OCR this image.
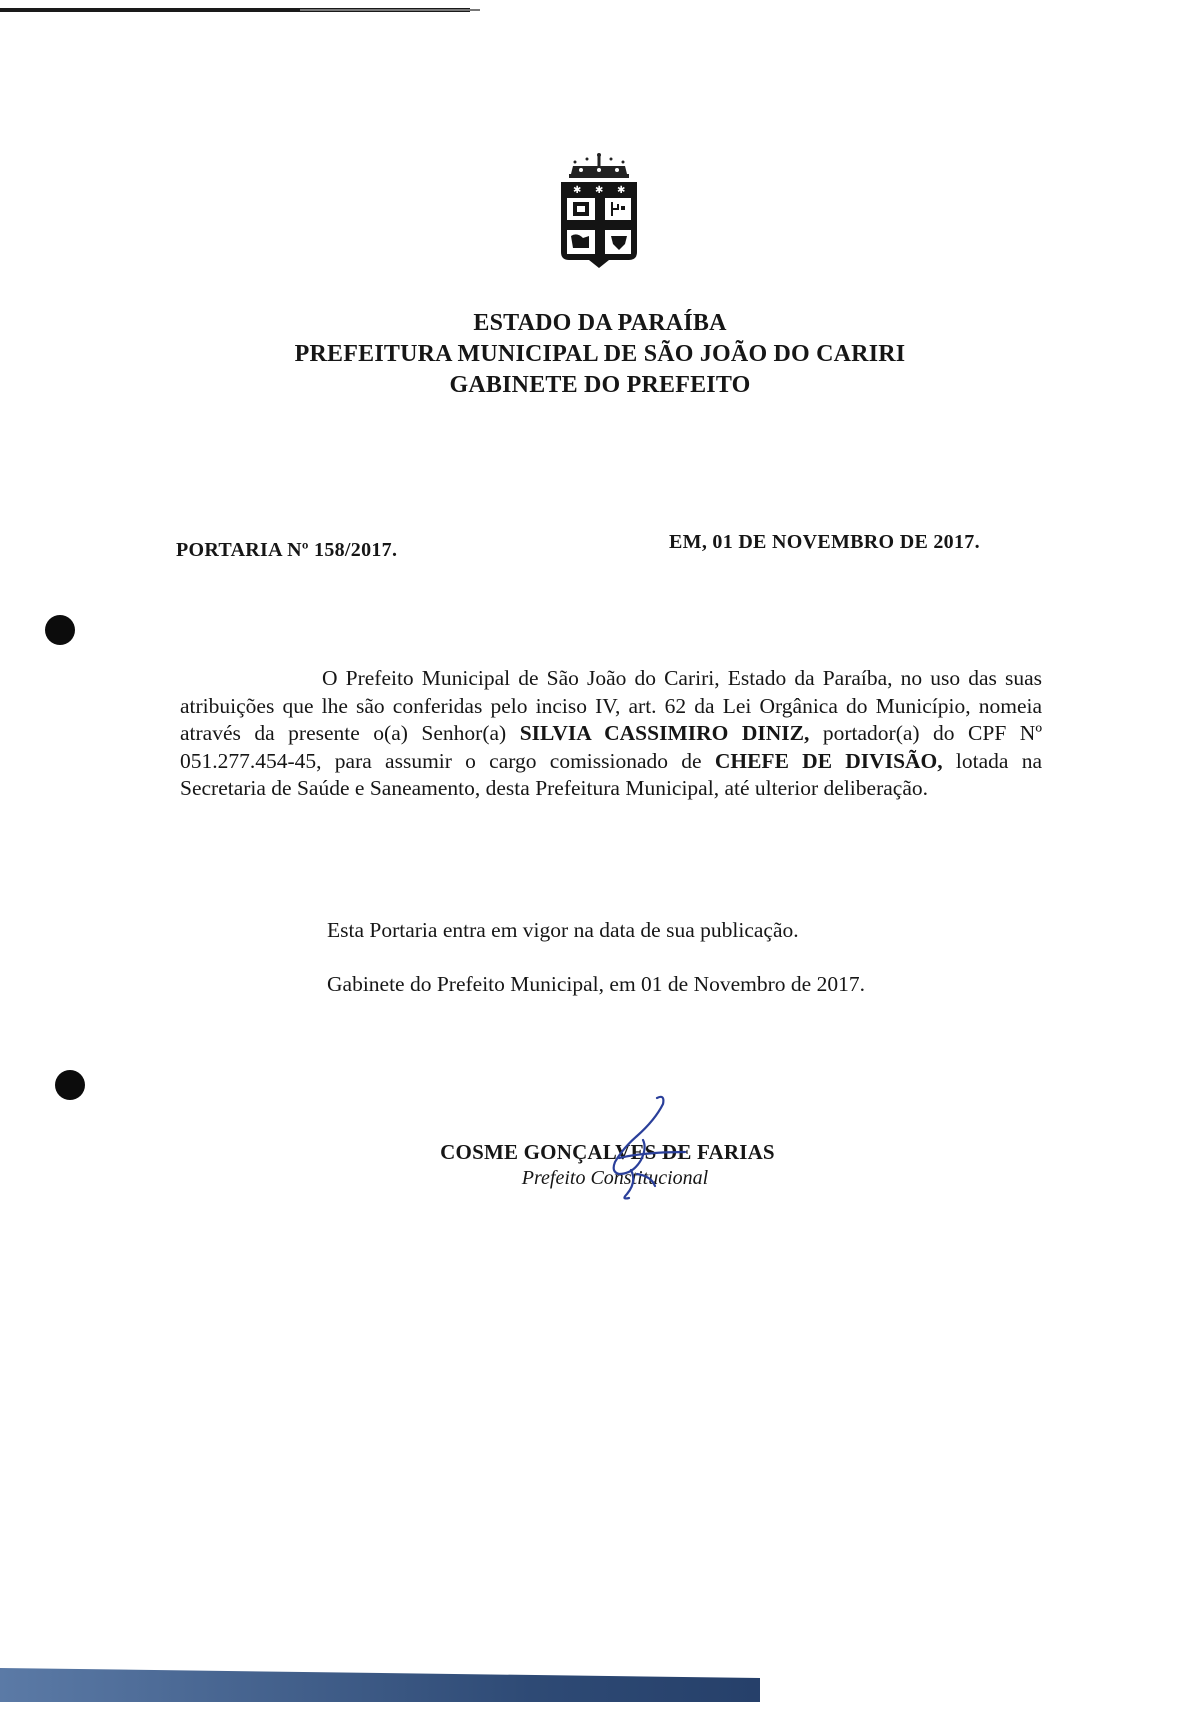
✱ ✱ ✱
ESTADO DA PARAÍBA
PREFEITURA MUNICIPAL DE SÃO JOÃO DO CARIRI
GABINETE DO PREFEITO
PORTARIA Nº 158/2017.	EM, 01 DE NOVEMBRO DE 2017.

O Prefeito Municipal de São João do Cariri, Estado da Paraíba, no uso das suas atribuições que lhe são conferidas pelo inciso IV, art. 62 da Lei Orgânica do Município, nomeia através da presente o(a) Senhor(a) SILVIA CASSIMIRO DINIZ, portador(a) do CPF Nº 051.277.454-45, para assumir o cargo comissionado de CHEFE DE DIVISÃO, lotada na Secretaria de Saúde e Saneamento, desta Prefeitura Municipal, até ulterior deliberação.

Esta Portaria entra em vigor na data de sua publicação.
Gabinete do Prefeito Municipal, em 01 de Novembro de 2017.
COSME GONÇALVES DE FARIAS
Prefeito Constitucional
